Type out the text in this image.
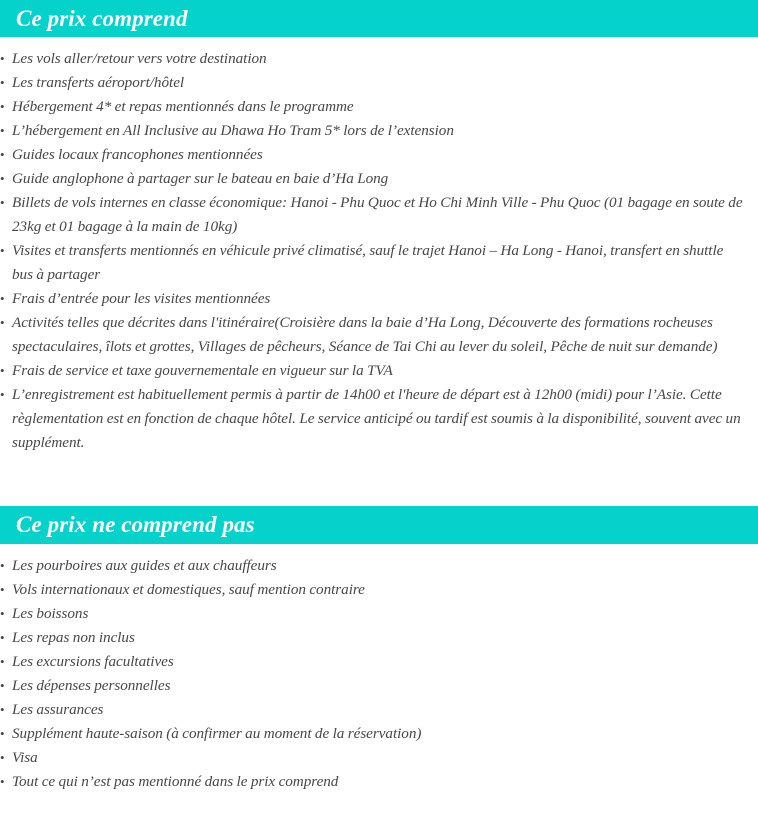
Ce prix comprend
• Les vols aller/retour vers votre destination
• Les transferts aéroport/hôtel
• Hébergement 4* et repas mentionnés dans le programme
• L’hébergement en All Inclusive au Dhawa Ho Tram 5* lors de l’extension
• Guides locaux francophones mentionnées
• Guide anglophone à partager sur le bateau en baie d’Ha Long
• Billets de vols internes en classe économique: Hanoi - Phu Quoc et Ho Chi Minh Ville - Phu Quoc (01 bagage en soute de 23kg et 01 bagage à la main de 10kg)
• Visites et transferts mentionnés en véhicule privé climatisé, sauf le trajet Hanoi – Ha Long - Hanoi, transfert en shuttle bus à partager
• Frais d’entrée pour les visites mentionnées
• Activités telles que décrites dans l'itinéraire(Croisière dans la baie d’Ha Long, Découverte des formations rocheuses spectaculaires, îlots et grottes, Villages de pêcheurs, Séance de Tai Chi au lever du soleil, Pêche de nuit sur demande)
• Frais de service et taxe gouvernementale en vigueur sur la TVA
• L’enregistrement est habituellement permis à partir de 14h00 et l'heure de départ est à 12h00 (midi) pour l’Asie. Cette règlementation est en fonction de chaque hôtel. Le service anticipé ou tardif est soumis à la disponibilité, souvent avec un supplément.
Ce prix ne comprend pas
• Les pourboires aux guides et aux chauffeurs
• Vols internationaux et domestiques, sauf mention contraire
• Les boissons
• Les repas non inclus
• Les excursions facultatives
• Les dépenses personnelles
• Les assurances
• Supplément haute-saison (à confirmer au moment de la réservation)
• Visa
• Tout ce qui n’est pas mentionné dans le prix comprend
